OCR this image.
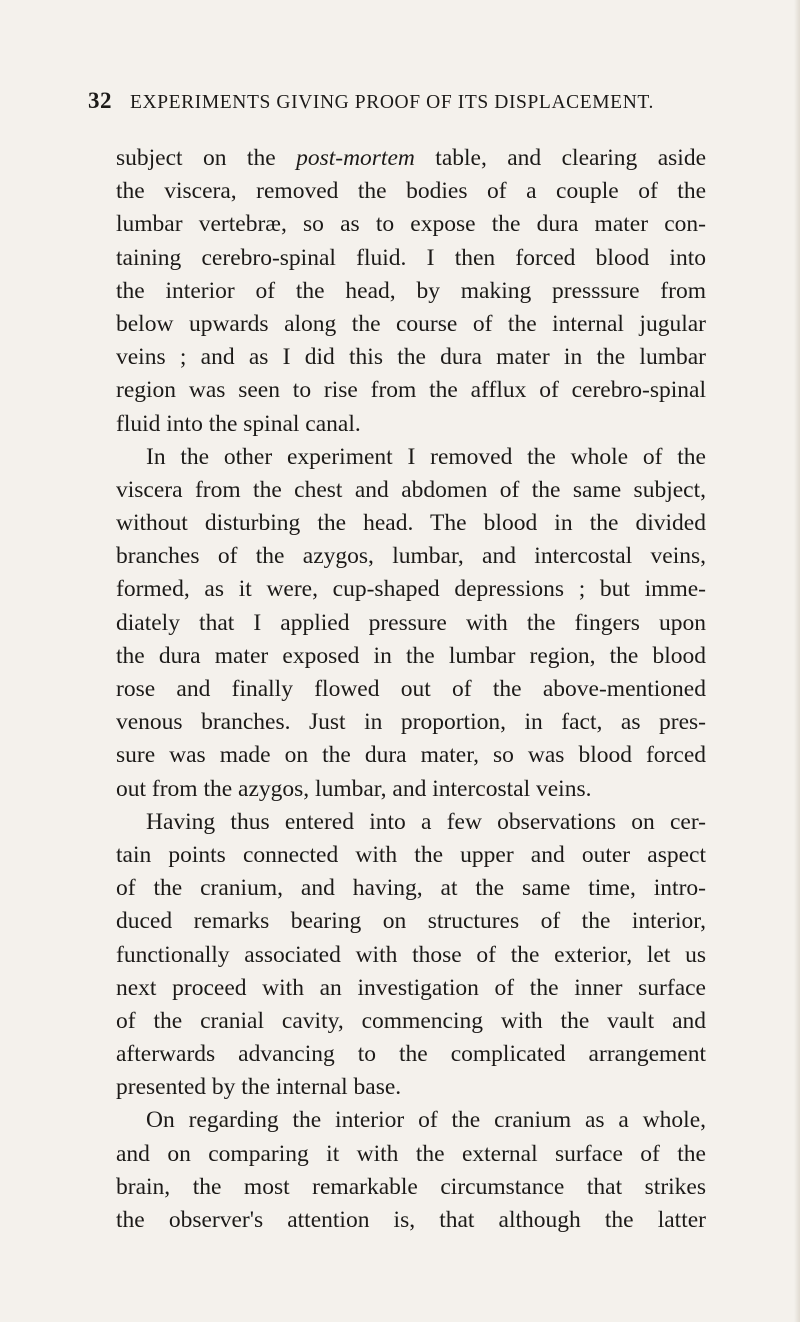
32 EXPERIMENTS GIVING PROOF OF ITS DISPLACEMENT.
subject on the post-mortem table, and clearing aside
the viscera, removed the bodies of a couple of the
lumbar vertebræ, so as to expose the dura mater con-
taining cerebro-spinal fluid. I then forced blood into
the interior of the head, by making presssure from
below upwards along the course of the internal jugular
veins ; and as I did this the dura mater in the lumbar
region was seen to rise from the afflux of cerebro-spinal
fluid into the spinal canal.
In the other experiment I removed the whole of the
viscera from the chest and abdomen of the same subject,
without disturbing the head. The blood in the divided
branches of the azygos, lumbar, and intercostal veins,
formed, as it were, cup-shaped depressions ; but imme-
diately that I applied pressure with the fingers upon
the dura mater exposed in the lumbar region, the blood
rose and finally flowed out of the above-mentioned
venous branches. Just in proportion, in fact, as pres-
sure was made on the dura mater, so was blood forced
out from the azygos, lumbar, and intercostal veins.
Having thus entered into a few observations on cer-
tain points connected with the upper and outer aspect
of the cranium, and having, at the same time, intro-
duced remarks bearing on structures of the interior,
functionally associated with those of the exterior, let us
next proceed with an investigation of the inner surface
of the cranial cavity, commencing with the vault and
afterwards advancing to the complicated arrangement
presented by the internal base.
On regarding the interior of the cranium as a whole,
and on comparing it with the external surface of the
brain, the most remarkable circumstance that strikes
the observer's attention is, that although the latter
